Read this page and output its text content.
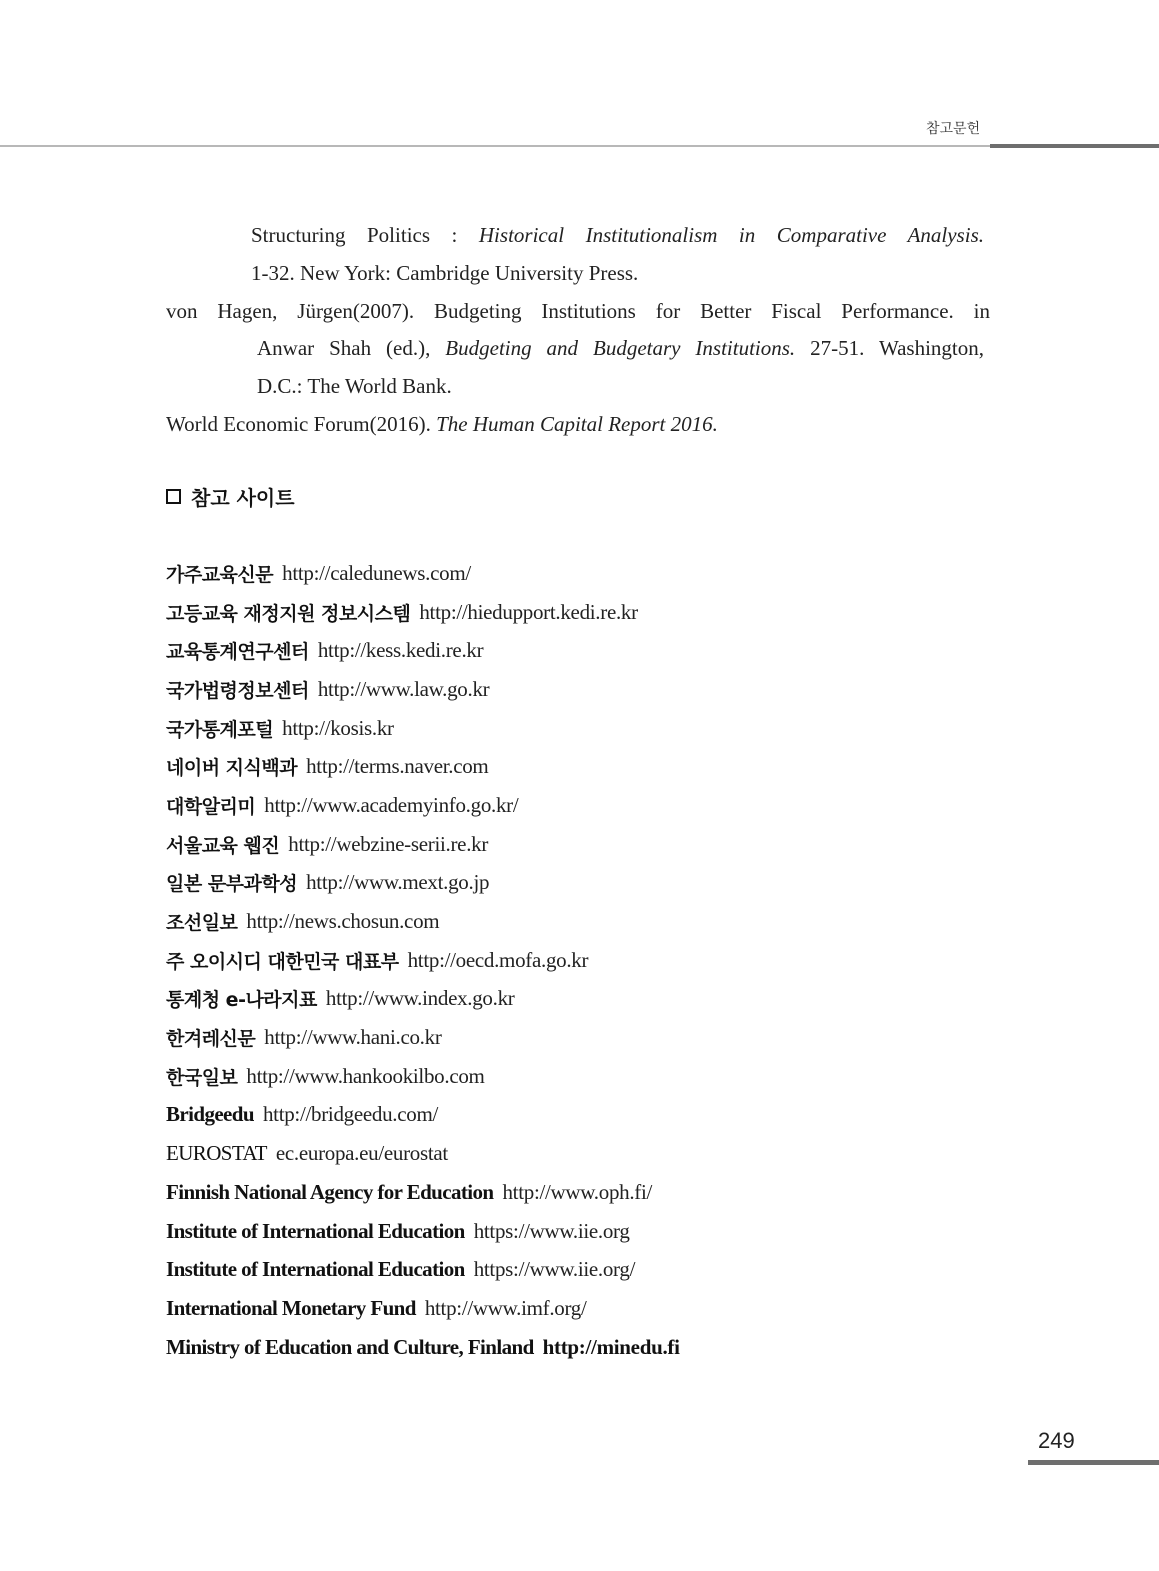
참고문헌
Structuring Politics : Historical Institutionalism in Comparative Analysis.
1-32. New York: Cambridge University Press.
von Hagen, Jürgen(2007). Budgeting Institutions for Better Fiscal Performance. in
Anwar Shah (ed.), Budgeting and Budgetary Institutions. 27-51. Washington,
D.C.: The World Bank.
World Economic Forum(2016). The Human Capital Report 2016.
참고 사이트
가주교육신문 http://caledunews.com/
고등교육 재정지원 정보시스템 http://hiedupport.kedi.re.kr
교육통계연구센터 http://kess.kedi.re.kr
국가법령정보센터 http://www.law.go.kr
국가통계포털 http://kosis.kr
네이버 지식백과 http://terms.naver.com
대학알리미 http://www.academyinfo.go.kr/
서울교육 웹진 http://webzine-serii.re.kr
일본 문부과학성 http://www.mext.go.jp
조선일보 http://news.chosun.com
주 오이시디 대한민국 대표부 http://oecd.mofa.go.kr
통계청 e-나라지표 http://www.index.go.kr
한겨레신문 http://www.hani.co.kr
한국일보 http://www.hankookilbo.com
Bridgeedu http://bridgeedu.com/
EUROSTAT ec.europa.eu/eurostat
Finnish National Agency for Education http://www.oph.fi/
Institute of International Education https://www.iie.org
Institute of International Education https://www.iie.org/
International Monetary Fund http://www.imf.org/
Ministry of Education and Culture, Finland http://minedu.fi
249
